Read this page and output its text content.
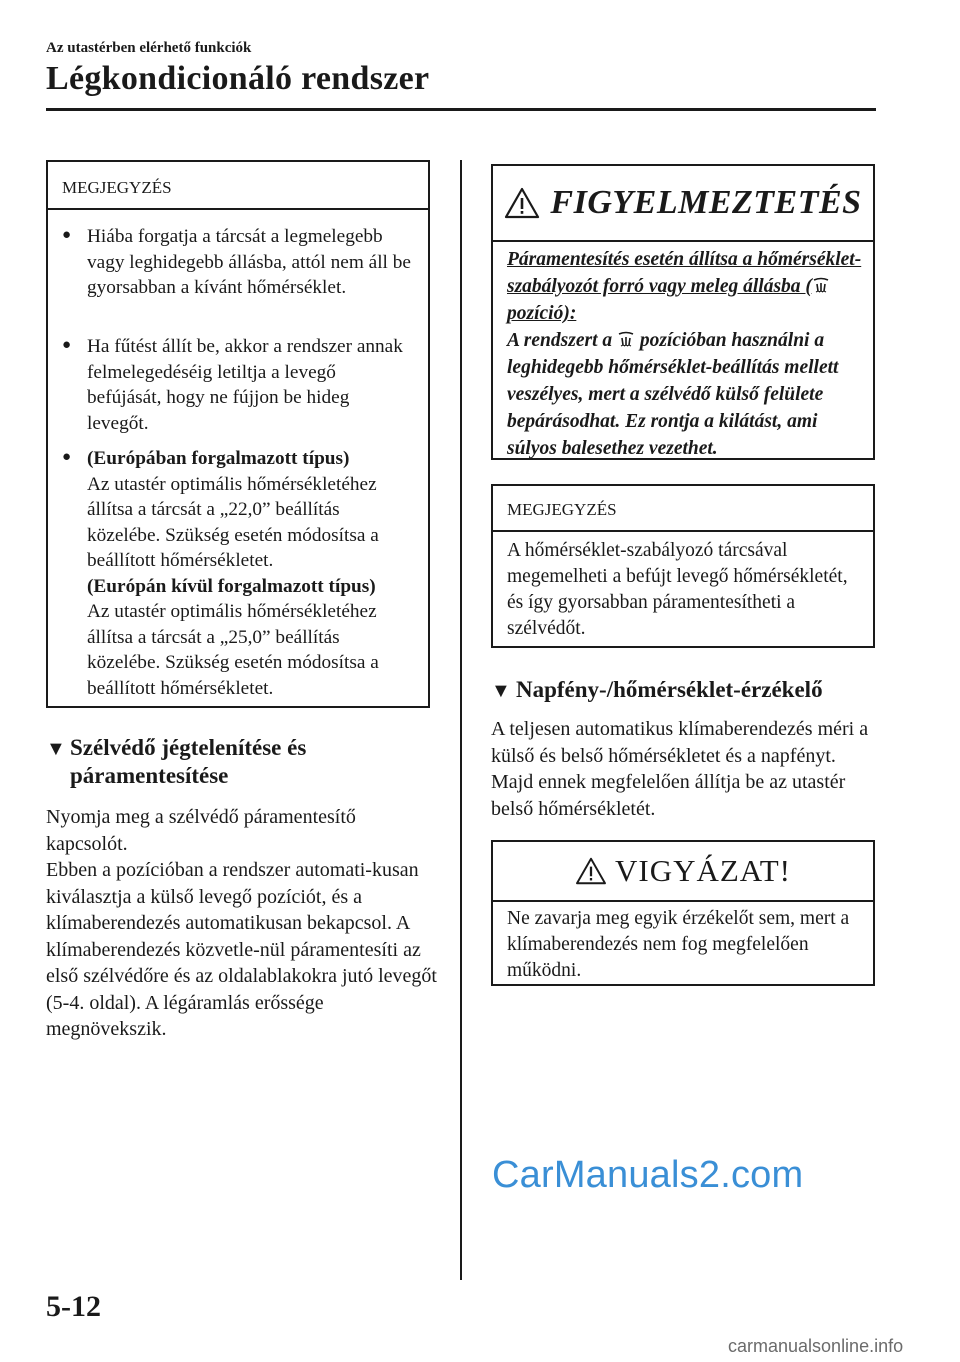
Az utastérben elérhető funkciók
Légkondicionáló rendszer
MEGJEGYZÉS
● Hiába forgatja a tárcsát a legmelegebb vagy leghidegebb állásba, attól nem áll be gyorsabban a kívánt hőmérséklet.
● Ha fűtést állít be, akkor a rendszer annak felmelegedéséig letiltja a levegő befújását, hogy ne fújjon be hideg levegőt.
● (Európában forgalmazott típus)
Az utastér optimális hőmérsékletéhez állítsa a tárcsát a „22,0” beállítás közelébe. Szükség esetén módosítsa a beállított hőmérsékletet.
(Európán kívül forgalmazott típus)
Az utastér optimális hőmérsékletéhez állítsa a tárcsát a „25,0” beállítás közelébe. Szükség esetén módosítsa a beállított hőmérsékletet.
▼ Szélvédő jégtelenítése és páramentesítése
Nyomja meg a szélvédő páramentesítő kapcsolót.
Ebben a pozícióban a rendszer automati-kusan kiválasztja a külső levegő pozíciót, és a klímaberendezés automatikusan bekapcsol. A klímaberendezés közvetle-nül páramentesíti az első szélvédőre és az oldalablakokra jutó levegőt (5-4. oldal). A légáramlás erőssége megnövekszik.
FIGYELMEZTETÉS
Páramentesítés esetén állítsa a hőmérséklet-szabályozót forró vagy meleg állásba ( pozíció):
A rendszert a  pozícióban használni a leghidegebb hőmérséklet-beállítás mellett veszélyes, mert a szélvédő külső felülete bepárásodhat. Ez rontja a kilátást, ami súlyos balesethez vezethet.
MEGJEGYZÉS
A hőmérséklet-szabályozó tárcsával megemelheti a befújt levegő hőmérsékletét, és így gyorsabban páramentesítheti a szélvédőt.
▼ Napfény-/hőmérséklet-érzékelő
A teljesen automatikus klímaberendezés méri a külső és belső hőmérsékletet és a napfényt. Majd ennek megfelelően állítja be az utastér belső hőmérsékletét.
VIGYÁZAT!
Ne zavarja meg egyik érzékelőt sem, mert a klímaberendezés nem fog megfelelően működni.
CarManuals2.com
5-12
carmanualsonline.info
